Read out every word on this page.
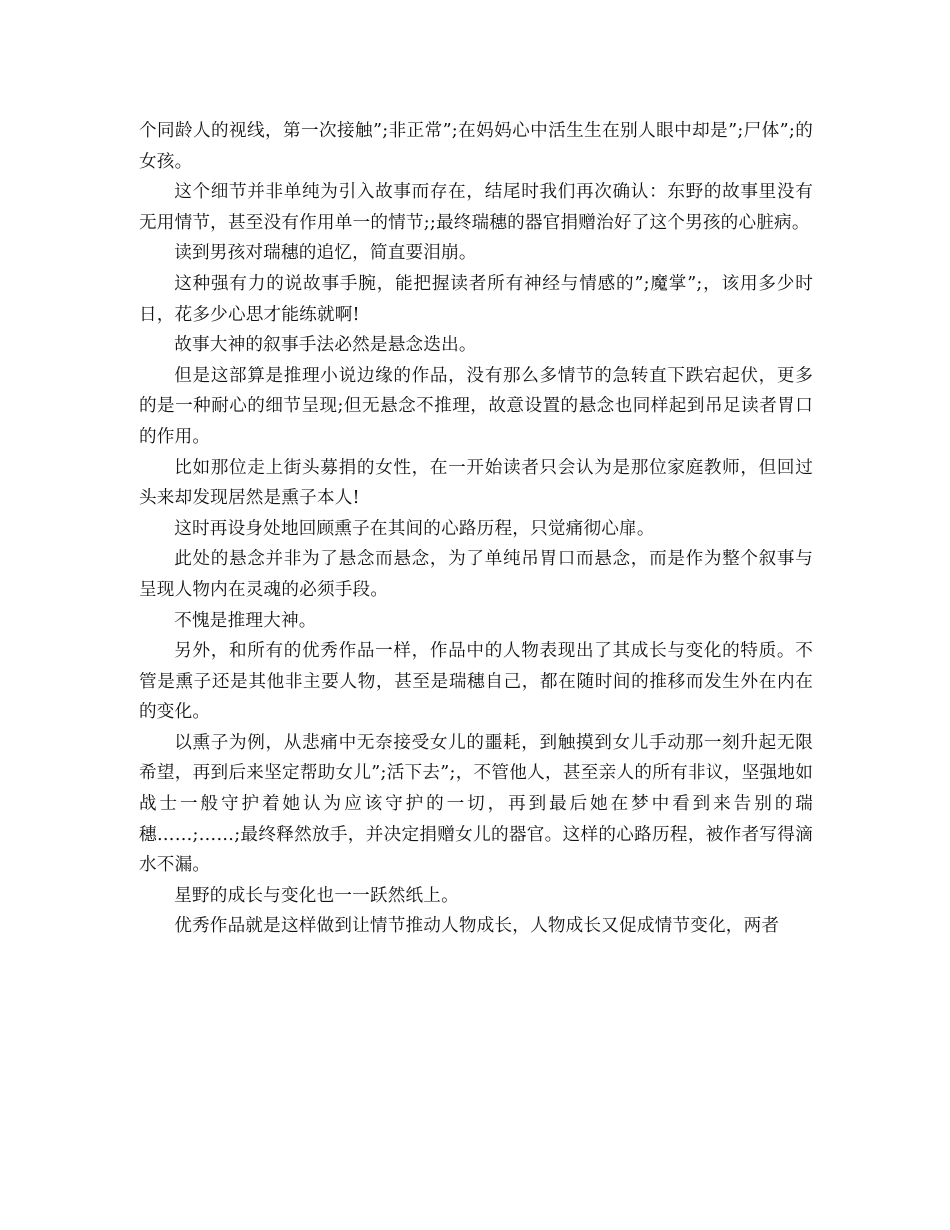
个同龄人的视线，第一次接触”;非正常”;在妈妈心中活生生在别人眼中却是”;尸体”;的女孩。

这个细节并非单纯为引入故事而存在，结尾时我们再次确认：东野的故事里没有无用情节，甚至没有作用单一的情节;;最终瑞穗的器官捐赠治好了这个男孩的心脏病。

读到男孩对瑞穗的追忆，简直要泪崩。

这种强有力的说故事手腕，能把握读者所有神经与情感的”;魔掌”;，该用多少时日，花多少心思才能练就啊!

故事大神的叙事手法必然是悬念迭出。

但是这部算是推理小说边缘的作品，没有那么多情节的急转直下跌宕起伏，更多的是一种耐心的细节呈现;但无悬念不推理，故意设置的悬念也同样起到吊足读者胃口的作用。

比如那位走上街头募捐的女性，在一开始读者只会认为是那位家庭教师，但回过头来却发现居然是熏子本人!

这时再设身处地回顾熏子在其间的心路历程，只觉痛彻心扉。

此处的悬念并非为了悬念而悬念，为了单纯吊胃口而悬念，而是作为整个叙事与呈现人物内在灵魂的必须手段。

不愧是推理大神。

另外，和所有的优秀作品一样，作品中的人物表现出了其成长与变化的特质。不管是熏子还是其他非主要人物，甚至是瑞穗自己，都在随时间的推移而发生外在内在的变化。

以熏子为例，从悲痛中无奈接受女儿的噩耗，到触摸到女儿手动那一刻升起无限希望，再到后来坚定帮助女儿”;活下去”;，不管他人，甚至亲人的所有非议，坚强地如战士一般守护着她认为应该守护的一切，再到最后她在梦中看到来告别的瑞穗……;……;最终释然放手，并决定捐赠女儿的器官。这样的心路历程，被作者写得滴水不漏。

星野的成长与变化也一一跃然纸上。

优秀作品就是这样做到让情节推动人物成长，人物成长又促成情节变化，两者
